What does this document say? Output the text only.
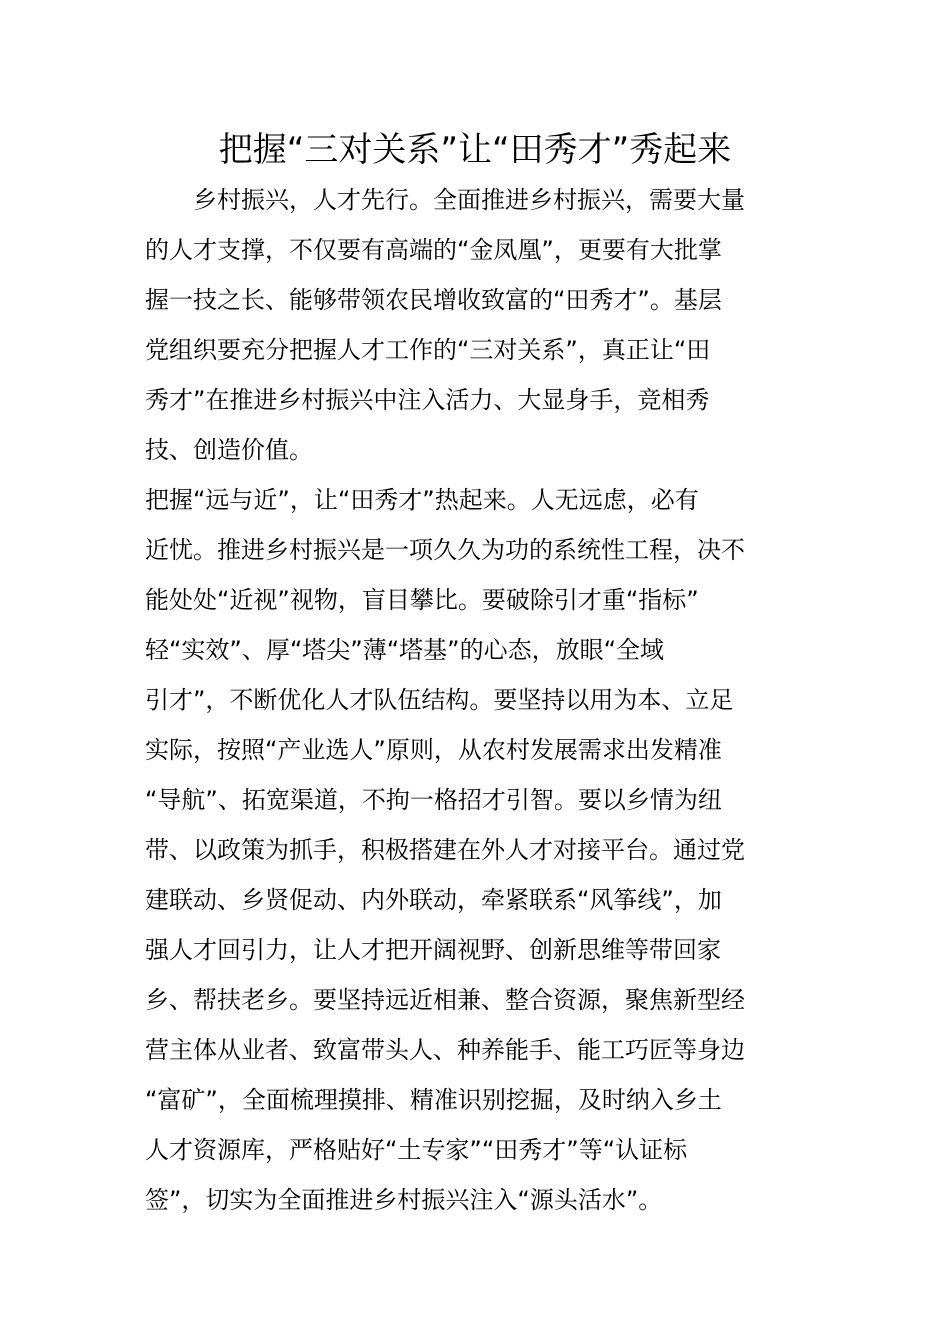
把握“三对关系”让“田秀才”秀起来
　　乡村振兴，人才先行。全面推进乡村振兴，需要大量
的人才支撑，不仅要有高端的“金凤凰”，更要有大批掌
握一技之长、能够带领农民增收致富的“田秀才”。基层
党组织要充分把握人才工作的“三对关系”，真正让“田
秀才”在推进乡村振兴中注入活力、大显身手，竞相秀
技、创造价值。
把握“远与近”，让“田秀才”热起来。人无远虑，必有
近忧。推进乡村振兴是一项久久为功的系统性工程，决不
能处处“近视”视物，盲目攀比。要破除引才重“指标”
轻“实效”、厚“塔尖”薄“塔基”的心态，放眼“全域
引才”，不断优化人才队伍结构。要坚持以用为本、立足
实际，按照“产业选人”原则，从农村发展需求出发精准
“导航”、拓宽渠道，不拘一格招才引智。要以乡情为纽
带、以政策为抓手，积极搭建在外人才对接平台。通过党
建联动、乡贤促动、内外联动，牵紧联系“风筝线”，加
强人才回引力，让人才把开阔视野、创新思维等带回家
乡、帮扶老乡。要坚持远近相兼、整合资源，聚焦新型经
营主体从业者、致富带头人、种养能手、能工巧匠等身边
“富矿”，全面梳理摸排、精准识别挖掘，及时纳入乡土
人才资源库，严格贴好“土专家”“田秀才”等“认证标
签”，切实为全面推进乡村振兴注入“源头活水”。
